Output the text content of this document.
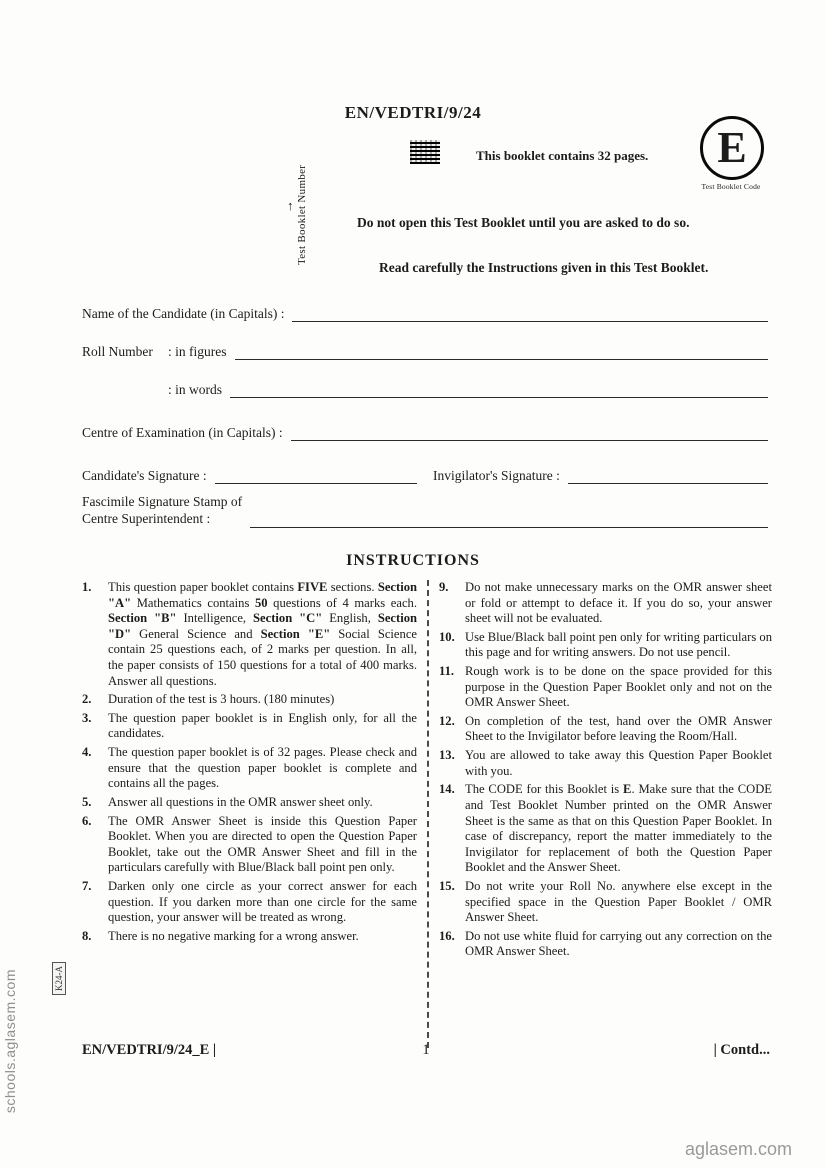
schools.aglasem.com
aglasem.com
K24-A
EN/VEDTRI/9/24
This booklet contains 32 pages. E
Test Booklet Code
↑ Test Booklet Number	Do not open this Test Booklet until you are asked to do so.
Read carefully the Instructions given in this Test Booklet.
Name of the Candidate (in Capitals) :
Roll Number	: in figures
: in words
Centre of Examination (in Capitals) :
Candidate's Signature :	Invigilator's Signature :
Fascimile Signature Stamp of
Centre Superintendent :
INSTRUCTIONS
1.	This question paper booklet contains FIVE sections. Section "A" Mathematics contains 50 questions of 4 marks each. Section "B" Intelligence, Section "C" English, Section "D" General Science and Section "E" Social Science contain 25 questions each, of 2 marks per question. In all, the paper consists of 150 questions for a total of 400 marks. Answer all questions.
2.	Duration of the test is 3 hours. (180 minutes)
3.	The question paper booklet is in English only, for all the candidates.
4.	The question paper booklet is of 32 pages. Please check and ensure that the question paper booklet is complete and contains all the pages.
5.	Answer all questions in the OMR answer sheet only.
6.	The OMR Answer Sheet is inside this Question Paper Booklet. When you are directed to open the Question Paper Booklet, take out the OMR Answer Sheet and fill in the particulars carefully with Blue/Black ball point pen only.
7.	Darken only one circle as your correct answer for each question. If you darken more than one circle for the same question, your answer will be treated as wrong.
8.	There is no negative marking for a wrong answer.
9.	Do not make unnecessary marks on the OMR answer sheet or fold or attempt to deface it. If you do so, your answer sheet will not be evaluated.
10. Use Blue/Black ball point pen only for writing particulars on this page and for writing answers. Do not use pencil.
11. Rough work is to be done on the space provided for this purpose in the Question Paper Booklet only and not on the OMR Answer Sheet.
12. On completion of the test, hand over the OMR Answer Sheet to the Invigilator before leaving the Room/Hall.
13. You are allowed to take away this Question Paper Booklet with you.
14. The CODE for this Booklet is E. Make sure that the CODE and Test Booklet Number printed on the OMR Answer Sheet is the same as that on this Question Paper Booklet. In case of discrepancy, report the matter immediately to the Invigilator for replacement of both the Question Paper Booklet and the Answer Sheet.
15. Do not write your Roll No. anywhere else except in the specified space in the Question Paper Booklet / OMR Answer Sheet.
16. Do not use white fluid for carrying out any correction on the OMR Answer Sheet.
EN/VEDTRI/9/24_E |	1	| Contd...
